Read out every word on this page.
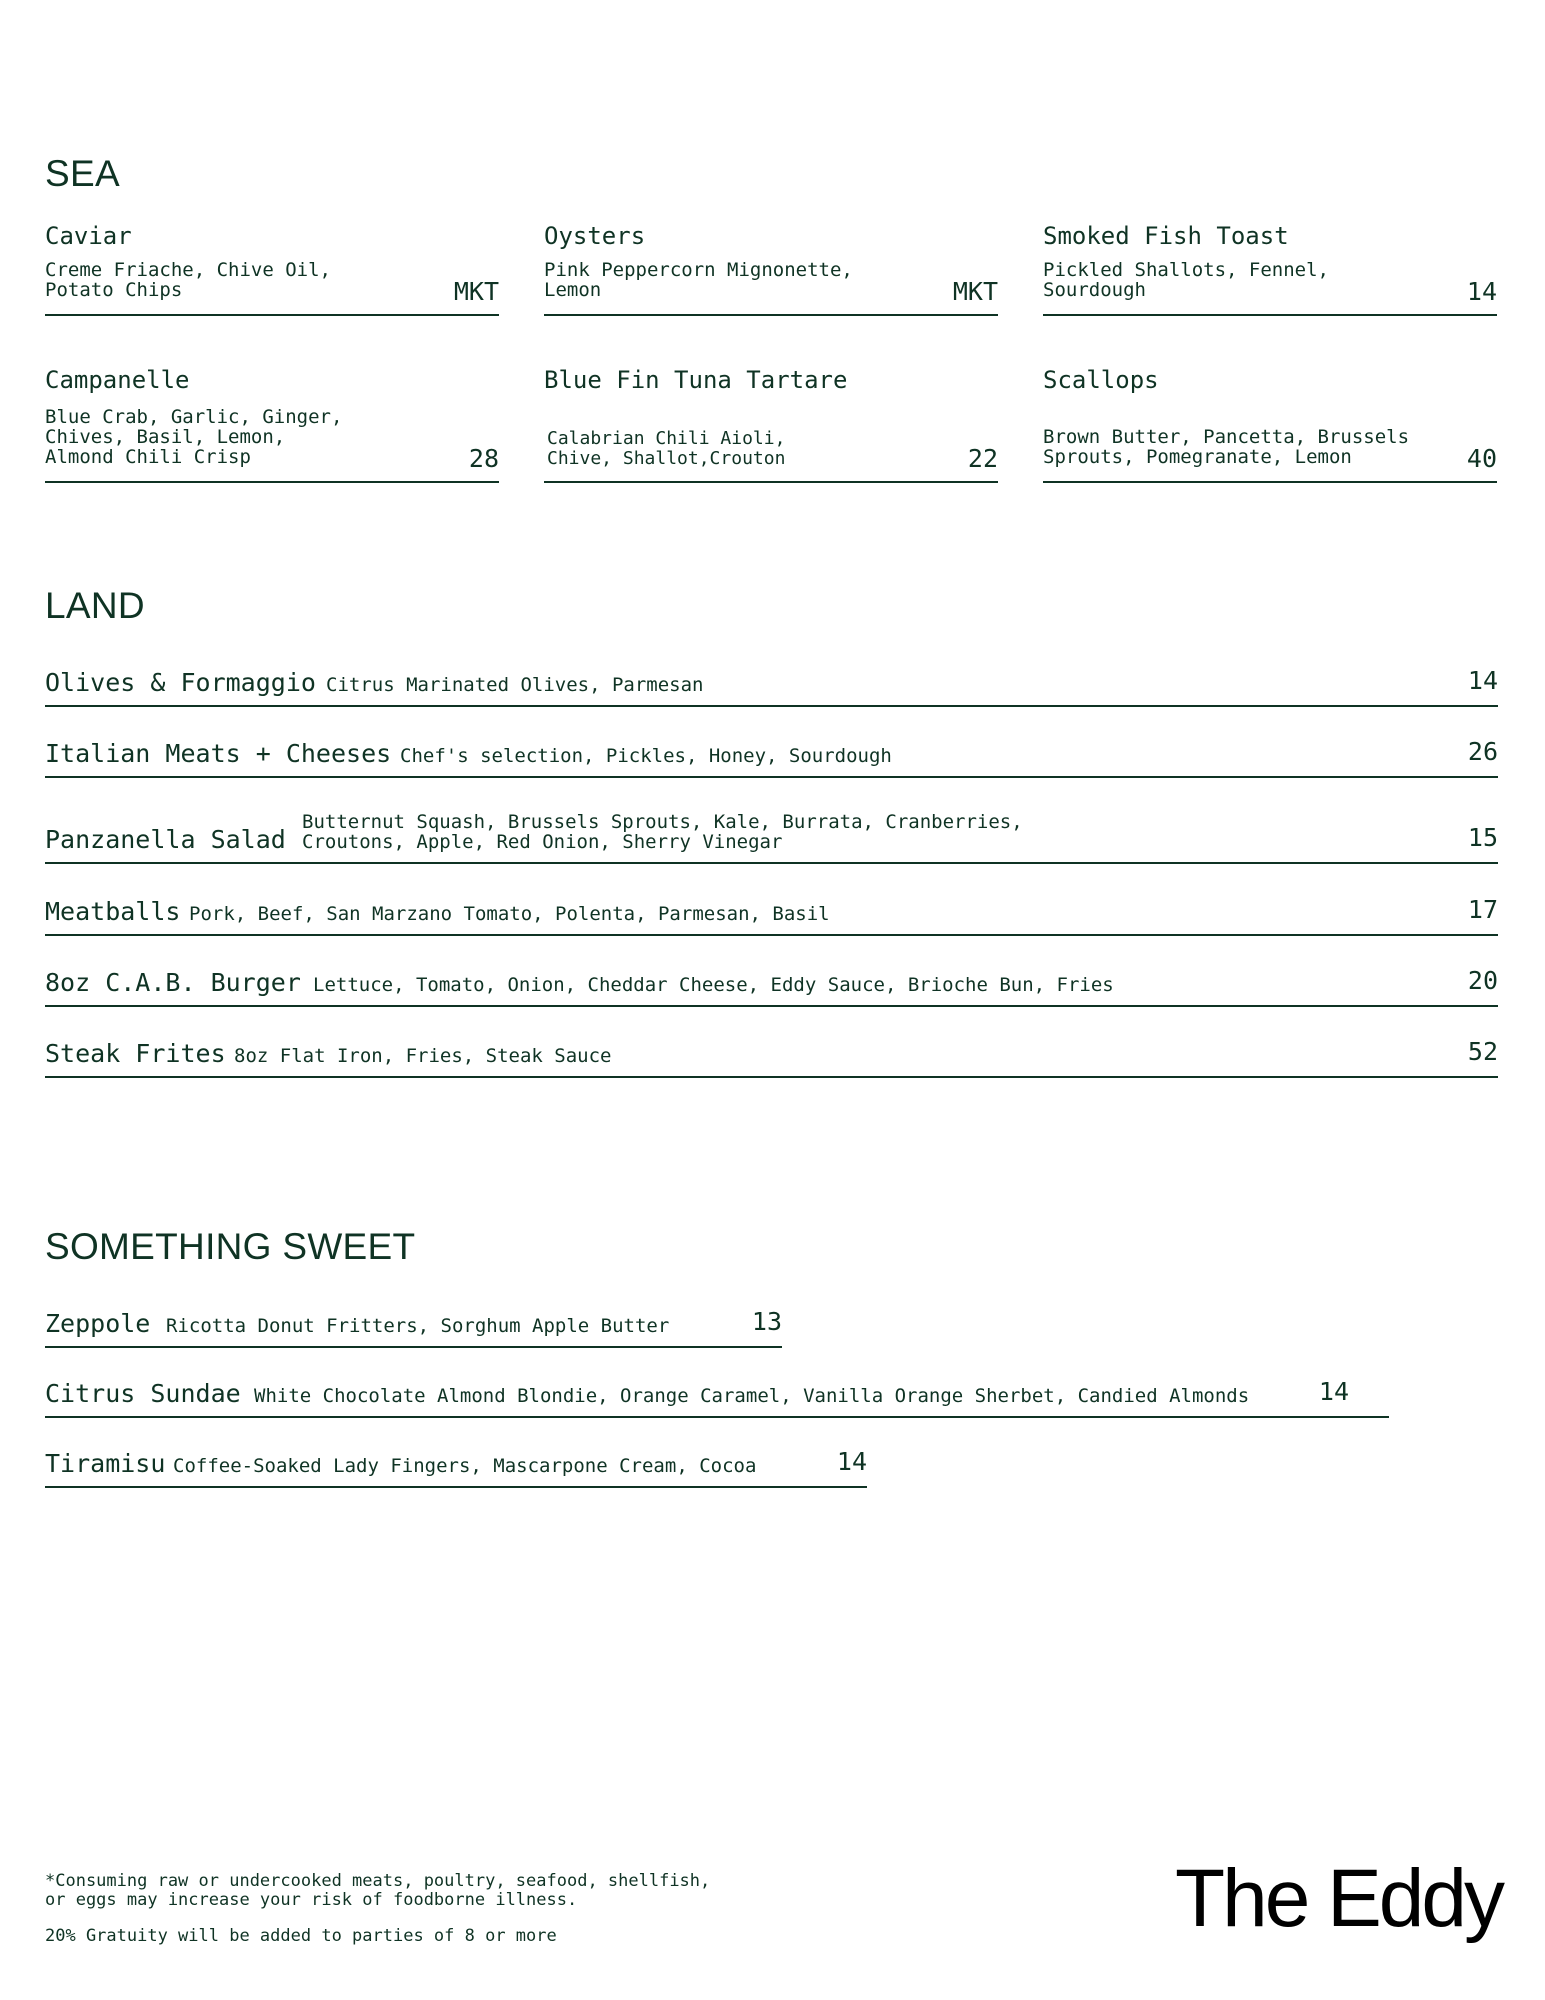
SEA
Caviar
Creme Friache, Chive Oil,
Potato Chips	MKT
Oysters
Pink Peppercorn Mignonette,
Lemon	MKT
Smoked Fish Toast
Pickled Shallots, Fennel,
Sourdough	14
Campanelle
Blue Crab, Garlic, Ginger,
Chives, Basil, Lemon,
Almond Chili Crisp	28
Blue Fin Tuna Tartare
Calabrian Chili Aioli,
Chive, Shallot,Crouton	22
Scallops
Brown Butter, Pancetta, Brussels
Sprouts, Pomegranate, Lemon	40
LAND
Olives & Formaggio Citrus Marinated Olives, Parmesan	14
Italian Meats + Cheeses Chef's selection, Pickles, Honey, Sourdough	26
Panzanella Salad
Butternut Squash, Brussels Sprouts, Kale, Burrata, Cranberries,
Croutons, Apple, Red Onion, Sherry Vinegar	15
Meatballs Pork, Beef, San Marzano Tomato, Polenta, Parmesan, Basil	17
8oz C.A.B. Burger Lettuce, Tomato, Onion, Cheddar Cheese, Eddy Sauce, Brioche Bun, Fries	20
Steak Frites 8oz Flat Iron, Fries, Steak Sauce	52
SOMETHING SWEET
Zeppole Ricotta Donut Fritters, Sorghum Apple Butter	13
Citrus Sundae White Chocolate Almond Blondie, Orange Caramel, Vanilla Orange Sherbet, Candied Almonds	14
Tiramisu Coffee-Soaked Lady Fingers, Mascarpone Cream, Cocoa	14
*Consuming raw or undercooked meats, poultry, seafood, shellfish,
or eggs may increase your risk of foodborne illness.
20% Gratuity will be added to parties of 8 or more	The Eddy
